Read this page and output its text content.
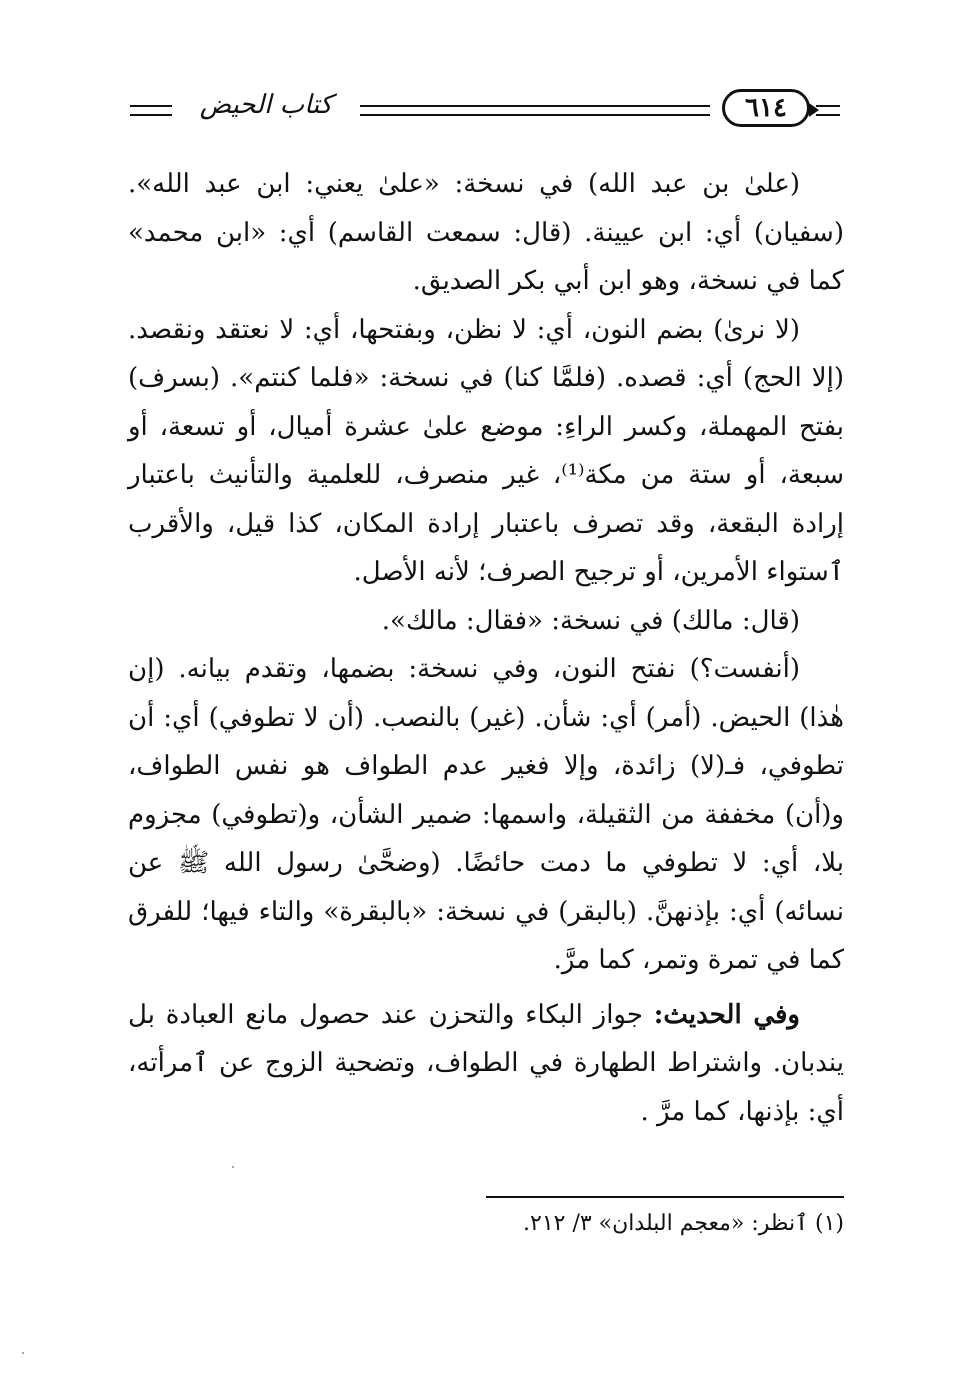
كتاب الحيض	٦١٤

(علىٰ بن عبد الله) في نسخة: «علىٰ يعني: ابن عبد الله». (سفيان) أي: ابن عيينة. (قال: سمعت القاسم) أي: «ابن محمد» كما في نسخة، وهو ابن أبي بكر الصديق.

(لا نرىٰ) بضم النون، أي: لا نظن، وبفتحها، أي: لا نعتقد ونقصد. (إلا الحج) أي: قصده. (فلمَّا كنا) في نسخة: «فلما كنتم». (بسرف) بفتح المهملة، وكسر الراءِ: موضع علىٰ عشرة أميال، أو تسعة، أو سبعة، أو ستة من مكة⁽¹⁾، غير منصرف، للعلمية والتأنيث باعتبار إرادة البقعة، وقد تصرف باعتبار إرادة المكان، كذا قيل، والأقرب ٱستواء الأمرين، أو ترجيح الصرف؛ لأنه الأصل.

(قال: مالك) في نسخة: «فقال: مالك».

(أنفست؟) نفتح النون، وفي نسخة: بضمها، وتقدم بيانه. (إن هٰذا) الحيض. (أمر) أي: شأن. (غير) بالنصب. (أن لا تطوفي) أي: أن تطوفي، فـ(لا) زائدة، وإلا فغير عدم الطواف هو نفس الطواف، و(أن) مخففة من الثقيلة، واسمها: ضمير الشأن، و(تطوفي) مجزوم بلا، أي: لا تطوفي ما دمت حائضًا. (وضحَّىٰ رسول الله ﷺ عن نسائه) أي: بإذنهنَّ. (بالبقر) في نسخة: «بالبقرة» والتاء فيها؛ للفرق كما في تمرة وتمر، كما مرَّ.

وفي الحديث: جواز البكاء والتحزن عند حصول مانع العبادة بل يندبان. واشتراط الطهارة في الطواف، وتضحية الزوج عن ٱمرأته، أي: بإذنها، كما مرَّ .

(١) ٱنظر: «معجم البلدان» ٣/ ٢١٢.
